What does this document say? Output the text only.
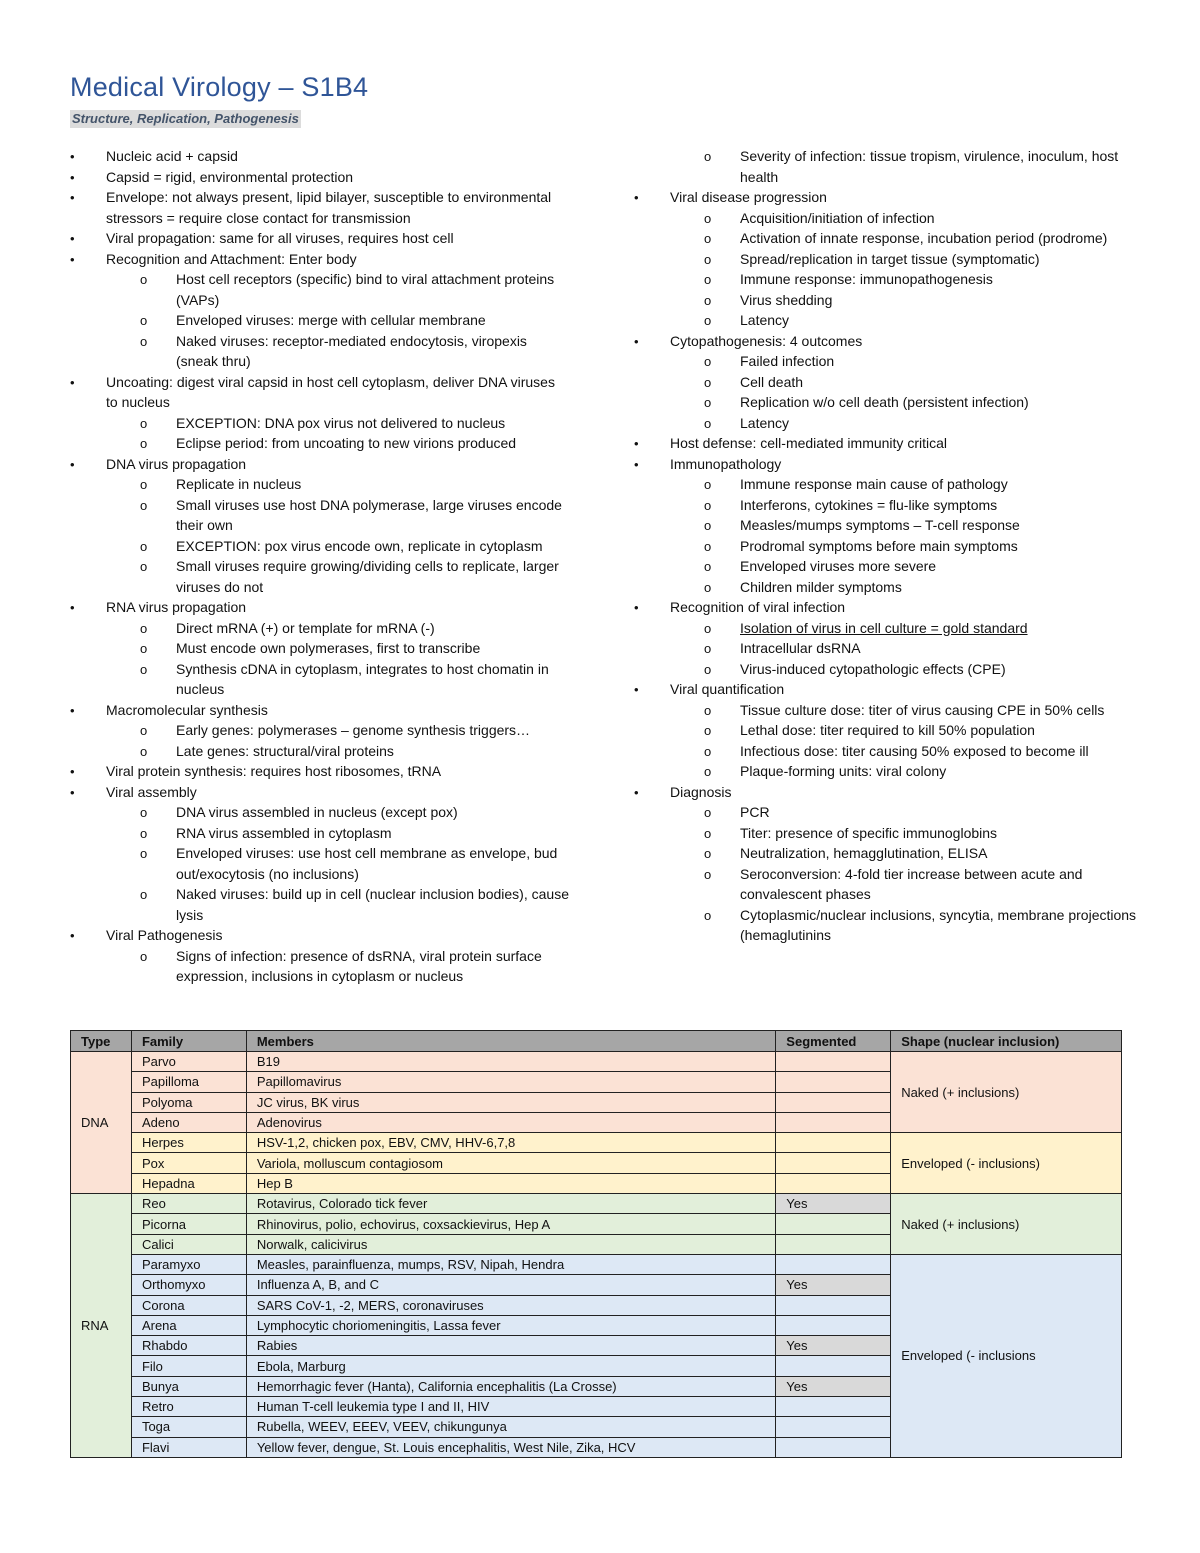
Medical Virology – S1B4
Structure, Replication, Pathogenesis
•
Nucleic acid + capsid
•
Capsid = rigid, environmental protection
•
Envelope: not always present, lipid bilayer, susceptible to environmental stressors = require close contact for transmission
•
Viral propagation: same for all viruses, requires host cell
•
Recognition and Attachment: Enter body
o
Host cell receptors (specific) bind to viral attachment proteins (VAPs)
o
Enveloped viruses: merge with cellular membrane
o
Naked viruses: receptor-mediated endocytosis, viropexis (sneak thru)
•
Uncoating: digest viral capsid in host cell cytoplasm, deliver DNA viruses to nucleus
o
EXCEPTION: DNA pox virus not delivered to nucleus
o
Eclipse period: from uncoating to new virions produced
•
DNA virus propagation
o
Replicate in nucleus
o
Small viruses use host DNA polymerase, large viruses encode their own
o
EXCEPTION: pox virus encode own, replicate in cytoplasm
o
Small viruses require growing/dividing cells to replicate, larger viruses do not
•
RNA virus propagation
o
Direct mRNA (+) or template for mRNA (-)
o
Must encode own polymerases, first to transcribe
o
Synthesis cDNA in cytoplasm, integrates to host chomatin in nucleus
•
Macromolecular synthesis
o
Early genes: polymerases – genome synthesis triggers…
o
Late genes: structural/viral proteins
•
Viral protein synthesis: requires host ribosomes, tRNA
•
Viral assembly
o
DNA virus assembled in nucleus (except pox)
o
RNA virus assembled in cytoplasm
o
Enveloped viruses: use host cell membrane as envelope, bud out/exocytosis (no inclusions)
o
Naked viruses: build up in cell (nuclear inclusion bodies), cause lysis
•
Viral Pathogenesis
o
Signs of infection: presence of dsRNA, viral protein surface expression, inclusions in cytoplasm or nucleus
o
Severity of infection: tissue tropism, virulence, inoculum, host health
•
Viral disease progression
o
Acquisition/initiation of infection
o
Activation of innate response, incubation period (prodrome)
o
Spread/replication in target tissue (symptomatic)
o
Immune response: immunopathogenesis
o
Virus shedding
o
Latency
•
Cytopathogenesis: 4 outcomes
o
Failed infection
o
Cell death
o
Replication w/o cell death (persistent infection)
o
Latency
•
Host defense: cell-mediated immunity critical
•
Immunopathology
o
Immune response main cause of pathology
o
Interferons, cytokines = flu-like symptoms
o
Measles/mumps symptoms – T-cell response
o
Prodromal symptoms before main symptoms
o
Enveloped viruses more severe
o
Children milder symptoms
•
Recognition of viral infection
o
Isolation of virus in cell culture = gold standard
o
Intracellular dsRNA
o
Virus-induced cytopathologic effects (CPE)
•
Viral quantification
o
Tissue culture dose: titer of virus causing CPE in 50% cells
o
Lethal dose: titer required to kill 50% population
o
Infectious dose: titer causing 50% exposed to become ill
o
Plaque-forming units: viral colony
•
Diagnosis
o
PCR
o
Titer: presence of specific immunoglobins
o
Neutralization, hemagglutination, ELISA
o
Seroconversion: 4-fold tier increase between acute and convalescent phases
o
Cytoplasmic/nuclear inclusions, syncytia, membrane projections (hemaglutinins
Type	Family	Members	Segmented	Shape (nuclear inclusion)
DNA	Parvo	B19		Naked (+ inclusions)
	Papilloma	Papillomavirus		
	Polyoma	JC virus, BK virus		
	Adeno	Adenovirus		
	Herpes	HSV-1,2, chicken pox, EBV, CMV, HHV-6,7,8		Enveloped (- inclusions)
	Pox	Variola, molluscum contagiosom		
	Hepadna	Hep B		
RNA	Reo	Rotavirus, Colorado tick fever	Yes	Naked (+ inclusions)
	Picorna	Rhinovirus, polio, echovirus, coxsackievirus, Hep A		
	Calici	Norwalk, calicivirus		
	Paramyxo	Measles, parainfluenza, mumps, RSV, Nipah, Hendra		Enveloped (- inclusions
	Orthomyxo	Influenza A, B, and C	Yes	
	Corona	SARS CoV-1, -2, MERS, coronaviruses		
	Arena	Lymphocytic choriomeningitis, Lassa fever		
	Rhabdo	Rabies	Yes	
	Filo	Ebola, Marburg		
	Bunya	Hemorrhagic fever (Hanta), California encephalitis (La Crosse)	Yes	
	Retro	Human T-cell leukemia type I and II, HIV		
	Toga	Rubella, WEEV, EEEV, VEEV, chikungunya		
	Flavi	Yellow fever, dengue, St. Louis encephalitis, West Nile, Zika, HCV		
